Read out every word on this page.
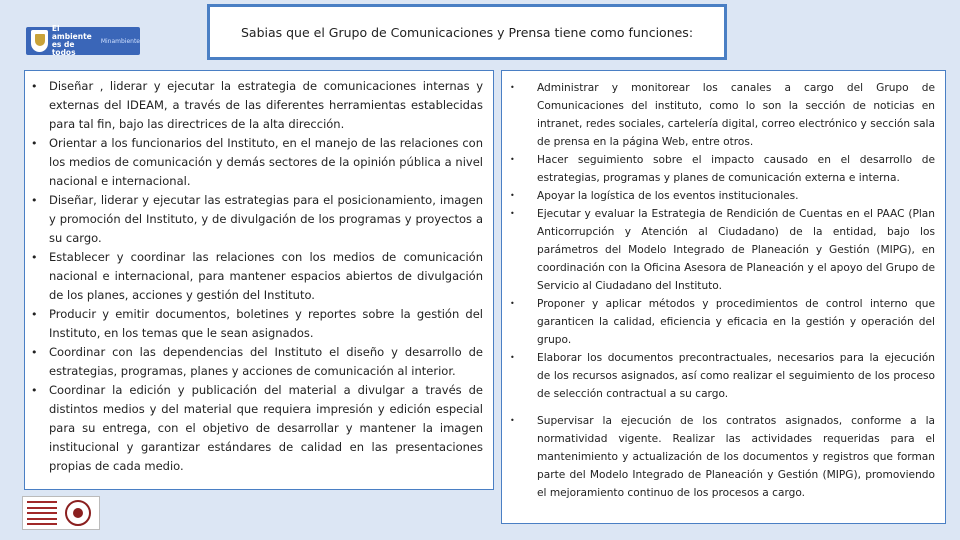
El ambiente es de todos
Minambiente
Sabias que el Grupo de Comunicaciones y Prensa tiene como funciones:
• Diseñar , liderar y ejecutar la estrategia de comunicaciones internas y externas del IDEAM, a través de las diferentes herramientas establecidas para tal fin, bajo las directrices de la alta dirección.
• Orientar a los funcionarios del Instituto, en el manejo de las relaciones con los medios de comunicación y demás sectores de la opinión pública a nivel nacional e internacional.
• Diseñar, liderar y ejecutar las estrategias para el posicionamiento, imagen y promoción del Instituto, y de divulgación de los programas y proyectos a su cargo.
• Establecer y coordinar las relaciones con los medios de comunicación nacional e internacional, para mantener espacios abiertos de divulgación de los planes, acciones y gestión del Instituto.
• Producir y emitir documentos, boletines y reportes sobre la gestión del Instituto, en los temas que le sean asignados.
• Coordinar con las dependencias del Instituto el diseño y desarrollo de estrategias, programas, planes y acciones de comunicación al interior.
• Coordinar la edición y publicación del material a divulgar a través de distintos medios y del material que requiera impresión y edición especial para su entrega, con el objetivo de desarrollar y mantener la imagen institucional y garantizar estándares de calidad en las presentaciones propias de cada medio.
• Administrar y monitorear los canales a cargo del Grupo de Comunicaciones del instituto, como lo son la sección de noticias en intranet, redes sociales, cartelería digital, correo electrónico y sección sala de prensa en la página Web, entre otros.
• Hacer seguimiento sobre el impacto causado en el desarrollo de estrategias, programas y planes de comunicación externa e interna.
• Apoyar la logística de los eventos institucionales.
• Ejecutar y evaluar la Estrategia de Rendición de Cuentas en el PAAC (Plan Anticorrupción y Atención al Ciudadano) de la entidad, bajo los parámetros del Modelo Integrado de Planeación y Gestión (MIPG), en coordinación con la Oficina Asesora de Planeación y el apoyo del Grupo de Servicio al Ciudadano del Instituto.
• Proponer y aplicar métodos y procedimientos de control interno que garanticen la calidad, eficiencia y eficacia en la gestión y operación del grupo.
• Elaborar los documentos precontractuales, necesarios para la ejecución de los recursos asignados, así como realizar el seguimiento de los proceso de selección contractual a su cargo.
• Supervisar la ejecución de los contratos asignados, conforme a la normatividad vigente. Realizar las actividades requeridas para el mantenimiento y actualización de los documentos y registros que forman parte del Modelo Integrado de Planeación y Gestión (MIPG), promoviendo el mejoramiento continuo de los procesos a cargo.
